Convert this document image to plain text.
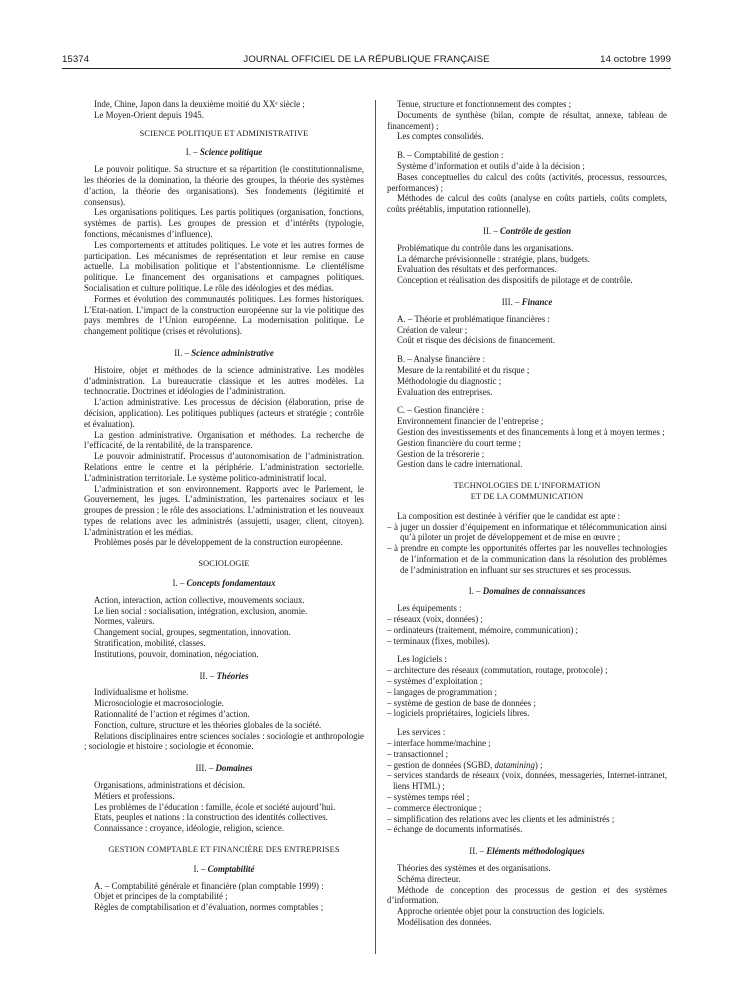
15374	JOURNAL OFFICIEL DE LA RÉPUBLIQUE FRANÇAISE	14 octobre 1999

Inde, Chine, Japon dans la deuxième moitié du XXᵉ siècle ;

Le Moyen-Orient depuis 1945.

SCIENCE POLITIQUE ET ADMINISTRATIVE

I. – Science politique

Le pouvoir politique. Sa structure et sa répartition (le constitutionnalisme, les théories de la domination, la théorie des groupes, la théorie des systèmes d’action, la théorie des organisations). Ses fondements (légitimité et consensus).

Les organisations politiques. Les partis politiques (organisation, fonctions, systèmes de partis). Les groupes de pression et d’intérêts (typologie, fonctions, mécanismes d’influence).

Les comportements et attitudes politiques. Le vote et les autres formes de participation. Les mécanismes de représentation et leur remise en cause actuelle. La mobilisation politique et l’abstentionnisme. Le clientélisme politique. Le financement des organisations et campagnes politiques. Socialisation et culture politique. Le rôle des idéologies et des médias.

Formes et évolution des communautés politiques. Les formes historiques. L’Etat-nation. L’impact de la construction européenne sur la vie politique des pays membres de l’Union européenne. La modernisation politique. Le changement politique (crises et révolutions).

II. – Science administrative

Histoire, objet et méthodes de la science administrative. Les modèles d’administration. La bureaucratie classique et les autres modèles. La technocratie. Doctrines et idéologies de l’administration.

L’action administrative. Les processus de décision (élaboration, prise de décision, application). Les politiques publiques (acteurs et stratégie ; contrôle et évaluation).

La gestion administrative. Organisation et méthodes. La recherche de l’efficacité, de la rentabilité, de la transparence.

Le pouvoir administratif. Processus d’autonomisation de l’administration. Relations entre le centre et la périphérie. L’administration sectorielle. L’administration territoriale. Le système politico-administratif local.

L’administration et son environnement. Rapports avec le Parlement, le Gouvernement, les juges. L’administration, les partenaires sociaux et les groupes de pression ; le rôle des associations. L’administration et les nouveaux types de relations avec les administrés (assujetti, usager, client, citoyen). L’administration et les médias.

Problèmes posés par le développement de la construction européenne.

SOCIOLOGIE

I. – Concepts fondamentaux

Action, interaction, action collective, mouvements sociaux.

Le lien social : socialisation, intégration, exclusion, anomie.

Normes, valeurs.

Changement social, groupes, segmentation, innovation.

Stratification, mobilité, classes.

Institutions, pouvoir, domination, négociation.

II. – Théories

Individualisme et holisme.

Microsociologie et macrosociologie.

Rationnalité de l’action et régimes d’action.

Fonction, culture, structure et les théories globales de la société.

Relations disciplinaires entre sciences sociales : sociologie et anthropologie ; sociologie et histoire ; sociologie et économie.

III. – Domaines

Organisations, administrations et décision.

Métiers et professions.

Les problèmes de l’éducation : famille, école et société aujourd’hui.

Etats, peuples et nations : la construction des identités collectives.

Connaissance : croyance, idéologie, religion, science.

GESTION COMPTABLE ET FINANCIÈRE DES ENTREPRISES

I. – Comptabilité

A. – Comptabilité générale et financière (plan comptable 1999) :

Objet et principes de la comptabilité ;

Règles de comptabilisation et d’évaluation, normes comptables ;

Tenue, structure et fonctionnement des comptes ;

Documents de synthèse (bilan, compte de résultat, annexe, tableau de financement) ;

Les comptes consolidés.

B. – Comptabilité de gestion :

Système d’information et outils d’aide à la décision ;

Bases conceptuelles du calcul des coûts (activités, processus, ressources, performances) ;

Méthodes de calcul des coûts (analyse en coûts partiels, coûts complets, coûts préétablis, imputation rationnelle).

II. – Contrôle de gestion

Problématique du contrôle dans les organisations.

La démarche prévisionnelle : stratégie, plans, budgets.

Evaluation des résultats et des performances.

Conception et réalisation des dispositifs de pilotage et de contrôle.

III. – Finance

A. – Théorie et problématique financières :

Création de valeur ;

Coût et risque des décisions de financement.

B. – Analyse financière :

Mesure de la rentabilité et du risque ;

Méthodologie du diagnostic ;

Evaluation des entreprises.

C. – Gestion financière :

Environnement financier de l’entreprise ;

Gestion des investissements et des financements à long et à moyen termes ;

Gestion financière du court terme ;

Gestion de la trésorerie ;

Gestion dans le cadre international.

TECHNOLOGIES DE L’INFORMATION

ET DE LA COMMUNICATION

La composition est destinée à vérifier que le candidat est apte :

– à juger un dossier d’équipement en informatique et télécommunication ainsi qu’à piloter un projet de développement et de mise en œuvre ;

– à prendre en compte les opportunités offertes par les nouvelles technologies de l’information et de la communication dans la résolution des problèmes de l’administration en influant sur ses structures et ses processus.

I. – Domaines de connaissances

Les équipements :

– réseaux (voix, données) ;

– ordinateurs (traitement, mémoire, communication) ;

– terminaux (fixes, mobiles).

Les logiciels :

– architecture des réseaux (commutation, routage, protocole) ;

– systèmes d’exploitation ;

– langages de programmation ;

– système de gestion de base de données ;

– logiciels propriétaires, logiciels libres.

Les services :

– interface homme/machine ;

– transactionnel ;

– gestion de données (SGBD, datamining) ;

– services standards de réseaux (voix, données, messageries, Internet-intranet, liens HTML) ;

– systèmes temps réel ;

– commerce électronique ;

– simplification des relations avec les clients et les administrés ;

– échange de documents informatisés.

II. – Eléments méthodologiques

Théories des systèmes et des organisations.

Schéma directeur.

Méthode de conception des processus de gestion et des systèmes d’information.

Approche orientée objet pour la construction des logiciels.

Modélisation des données.
